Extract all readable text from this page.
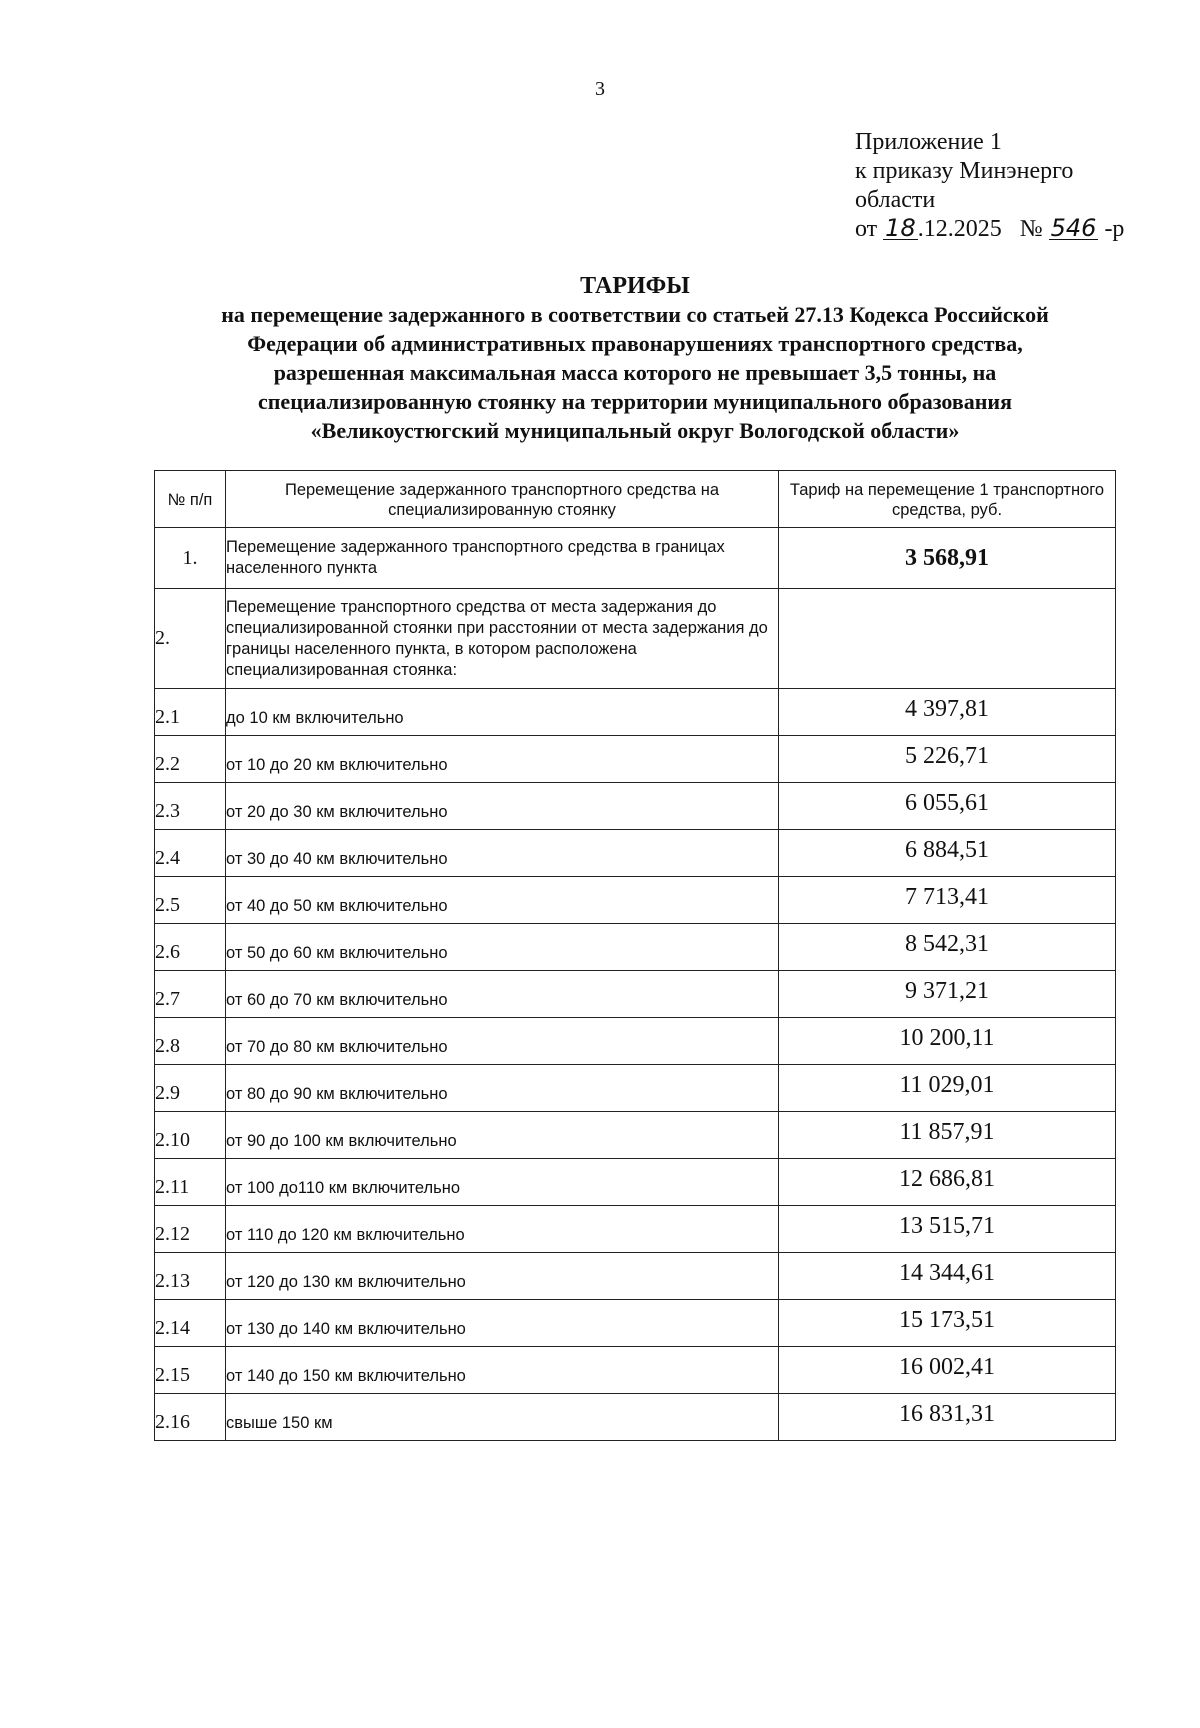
3
Приложение 1
к приказу Минэнерго
области
от 18.12.2025 № 546 -р
ТАРИФЫ
на перемещение задержанного в соответствии со статьей 27.13 Кодекса Российской
Федерации об административных правонарушениях транспортного средства,
разрешенная максимальная масса которого не превышает 3,5 тонны, на
специализированную стоянку на территории муниципального образования
«Великоустюгский муниципальный округ Вологодской области»
№ п/п	Перемещение задержанного транспортного средства на специализированную стоянку	Тариф на перемещение 1 транспортного средства, руб.

1.	Перемещение задержанного транспортного средства в границах населенного пункта	3 568,91
2.	Перемещение транспортного средства от места задержания до специализированной стоянки при расстоянии от места задержания до границы населенного пункта, в котором расположена специализированная стоянка:	
2.1	до 10 км включительно	4 397,81
2.2	от 10 до 20 км включительно	5 226,71
2.3	от 20 до 30 км включительно	6 055,61
2.4	от 30 до 40 км включительно	6 884,51
2.5	от 40 до 50 км включительно	7 713,41
2.6	от 50 до 60 км включительно	8 542,31
2.7	от 60 до 70 км включительно	9 371,21
2.8	от 70 до 80 км включительно	10 200,11
2.9	от 80 до 90 км включительно	11 029,01
2.10	от 90 до 100 км включительно	11 857,91
2.11	от 100 до110 км включительно	12 686,81
2.12	от 110 до 120 км включительно	13 515,71
2.13	от 120 до 130 км включительно	14 344,61
2.14	от 130 до 140 км включительно	15 173,51
2.15	от 140 до 150 км включительно	16 002,41
2.16	свыше 150 км	16 831,31
